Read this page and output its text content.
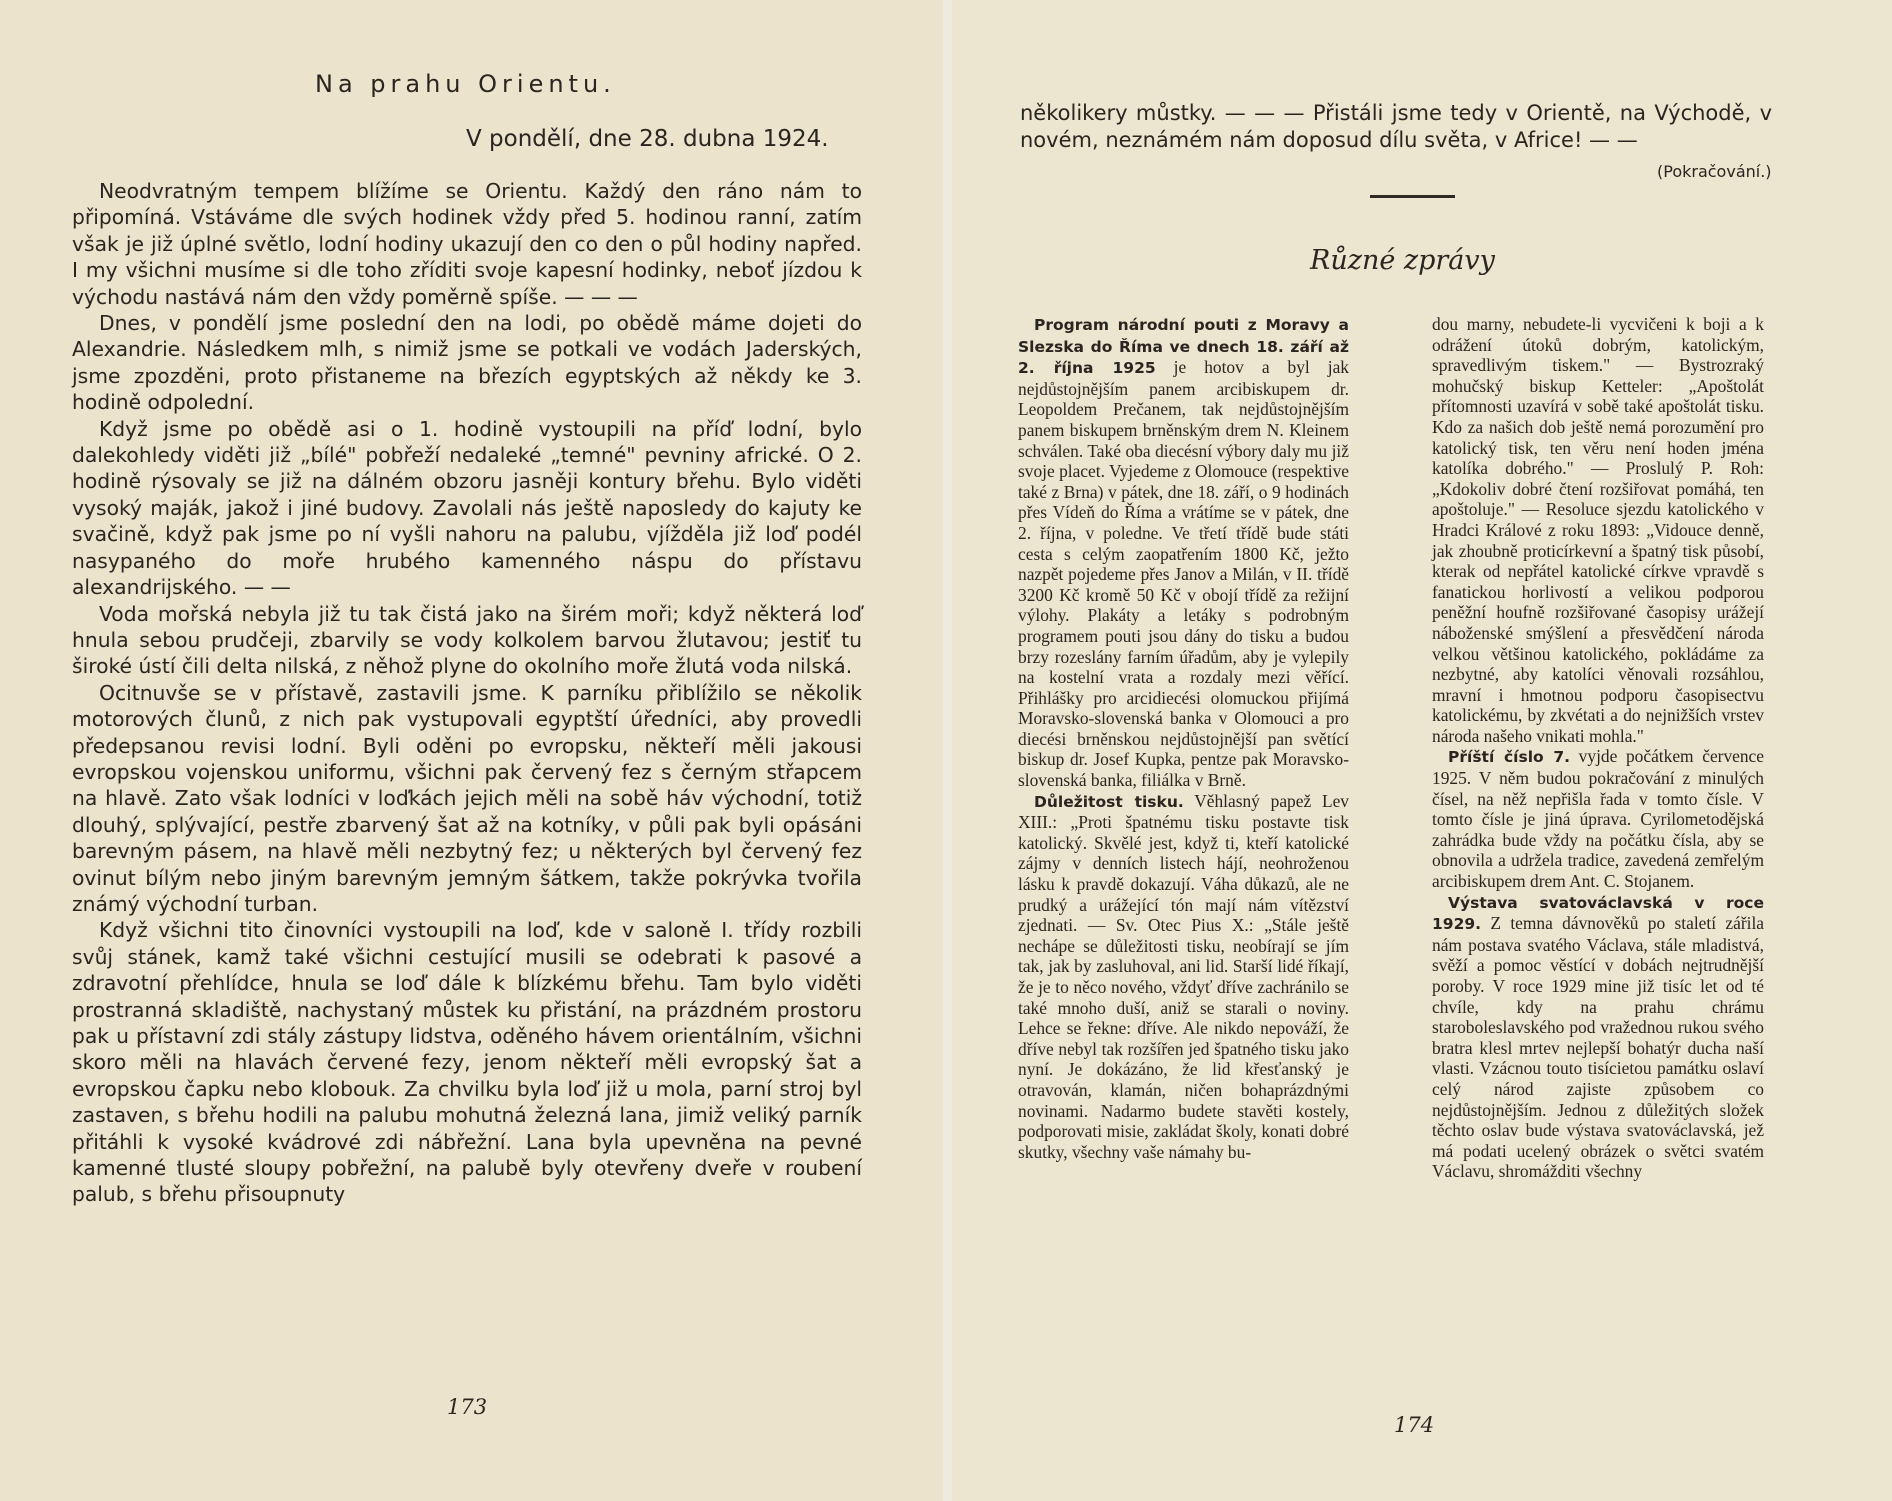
Na prahu Orientu.
V pondělí, dne 28. dubna 1924.

Neodvratným tempem blížíme se Orientu. Každý den ráno nám to připomíná. Vstáváme dle svých hodinek vždy před 5. hodinou ranní, zatím však je již úplné světlo, lodní hodiny ukazují den co den o půl hodiny napřed. I my všichni musíme si dle toho zříditi svoje kapesní hodinky, neboť jízdou k východu nastává nám den vždy poměrně spíše. — — —

Dnes, v pondělí jsme poslední den na lodi, po obědě máme dojeti do Alexandrie. Následkem mlh, s nimiž jsme se potkali ve vodách Jaderských, jsme zpozděni, proto přistaneme na březích egyptských až někdy ke 3. hodině odpolední.

Když jsme po obědě asi o 1. hodině vystoupili na příď lodní, bylo dalekohledy viděti již „bílé" pobřeží nedaleké „temné" pevniny africké. O 2. hodině rýsovaly se již na dálném obzoru jasněji kontury břehu. Bylo viděti vysoký maják, jakož i jiné budovy. Zavolali nás ještě naposledy do kajuty ke svačině, když pak jsme po ní vyšli nahoru na palubu, vjížděla již loď podél nasypaného do moře hrubého kamenného náspu do přístavu alexandrijského. — —

Voda mořská nebyla již tu tak čistá jako na širém moři; když některá loď hnula sebou prudčeji, zbarvily se vody kolkolem barvou žlutavou; jestiť tu široké ústí čili delta nilská, z něhož plyne do okolního moře žlutá voda nilská.

Ocitnuvše se v přístavě, zastavili jsme. K parníku přiblížilo se několik motorových člunů, z nich pak vystupovali egyptští úředníci, aby provedli předepsanou revisi lodní. Byli oděni po evropsku, někteří měli jakousi evropskou vojenskou uniformu, všichni pak červený fez s černým střapcem na hlavě. Zato však lodníci v loďkách jejich měli na sobě háv východní, totiž dlouhý, splývající, pestře zbarvený šat až na kotníky, v půli pak byli opásáni barevným pásem, na hlavě měli nezbytný fez; u některých byl červený fez ovinut bílým nebo jiným barevným jemným šátkem, takže pokrývka tvořila známý východní turban.

Když všichni tito činovníci vystoupili na loď, kde v saloně I. třídy rozbili svůj stánek, kamž také všichni cestující musili se odebrati k pasové a zdravotní přehlídce, hnula se loď dále k blízkému břehu. Tam bylo viděti prostranná skladiště, nachystaný můstek ku přistání, na prázdném prostoru pak u přístavní zdi stály zástupy lidstva, oděného hávem orientálním, všichni skoro měli na hlavách červené fezy, jenom někteří měli evropský šat a evropskou čapku nebo klobouk. Za chvilku byla loď již u mola, parní stroj byl zastaven, s břehu hodili na palubu mohutná železná lana, jimiž veliký parník přitáhli k vysoké kvádrové zdi nábřežní. Lana byla upevněna na pevné kamenné tlusté sloupy pobřežní, na palubě byly otevřeny dveře v roubení palub, s břehu přisoupnuty

173

několikery můstky. — — — Přistáli jsme tedy v Orientě, na Východě, v novém, neznámém nám doposud dílu světa, v Africe! — —

(Pokračování.)
Různé zprávy

Program národní pouti z Moravy a Slezska do Říma ve dnech 18. září až 2. října 1925 je hotov a byl jak nejdůstojnějším panem arcibiskupem dr. Leopoldem Prečanem, tak nejdůstojnějším panem biskupem brněnským drem N. Kleinem schválen. Také oba diecésní výbory daly mu již svoje placet. Vyjedeme z Olomouce (respektive také z Brna) v pátek, dne 18. září, o 9 hodinách přes Vídeň do Říma a vrátíme se v pátek, dne 2. října, v poledne. Ve třetí třídě bude státi cesta s celým zaopatřením 1800 Kč, ježto nazpět pojedeme přes Janov a Milán, v II. třídě 3200 Kč kromě 50 Kč v obojí třídě za režijní výlohy. Plakáty a letáky s podrobným programem pouti jsou dány do tisku a budou brzy rozeslány farním úřadům, aby je vylepily na kostelní vrata a rozdaly mezi věřící. Přihlášky pro arcidiecési olomuckou přijímá Moravsko-slovenská banka v Olomouci a pro diecési brněnskou nejdůstojnější pan světící biskup dr. Josef Kupka, pentze pak Moravsko-slovenská banka, filiálka v Brně.

Důležitost tisku. Věhlasný papež Lev XIII.: „Proti špatnému tisku postavte tisk katolický. Skvělé jest, když ti, kteří katolické zájmy v denních listech hájí, neohroženou lásku k pravdě dokazují. Váha důkazů, ale ne prudký a urážející tón mají nám vítězství zjednati. — Sv. Otec Pius X.: „Stále ještě nechápe se důležitosti tisku, neobírají se jím tak, jak by zasluhoval, ani lid. Starší lidé říkají, že je to něco nového, vždyť dříve zachránilo se také mnoho duší, aniž se starali o noviny. Lehce se řekne: dříve. Ale nikdo nepováží, že dříve nebyl tak rozšířen jed špatného tisku jako nyní. Je dokázáno, že lid křesťanský je otravován, klamán, ničen bohaprázdnými novinami. Nadarmo budete stavěti kostely, podporovati misie, zakládat školy, konati dobré skutky, všechny vaše námahy bu-

dou marny, nebudete-li vycvičeni k boji a k odrážení útoků dobrým, katolickým, spravedlivým tiskem." — Bystrozraký mohučský biskup Ketteler: „Apoštolát přítomnosti uzavírá v sobě také apoštolát tisku. Kdo za našich dob ještě nemá porozumění pro katolický tisk, ten věru není hoden jména katolíka dobrého." — Proslulý P. Roh: „Kdokoliv dobré čtení rozšiřovat pomáhá, ten apoštoluje." — Resoluce sjezdu katolického v Hradci Králové z roku 1893: „Vidouce denně, jak zhoubně proticírkevní a špatný tisk působí, kterak od nepřátel katolické církve vpravdě s fanatickou horlivostí a velikou podporou peněžní houfně rozšiřované časopisy urážejí náboženské smýšlení a přesvědčení národa velkou většinou katolického, pokládáme za nezbytné, aby katolíci věnovali rozsáhlou, mravní i hmotnou podporu časopisectvu katolickému, by zkvétati a do nejnižších vrstev národa našeho vnikati mohla."

Příští číslo 7. vyjde počátkem července 1925. V něm budou pokračování z minulých čísel, na něž nepřišla řada v tomto čísle. V tomto čísle je jiná úprava. Cyrilometodějská zahrádka bude vždy na počátku čísla, aby se obnovila a udržela tradice, zavedená zemřelým arcibiskupem drem Ant. C. Stojanem.

Výstava svatováclavská v roce 1929. Z temna dávnověků po staletí zářila nám postava svatého Václava, stále mladistvá, svěží a pomoc věstící v dobách nejtrudnější poroby. V roce 1929 mine již tisíc let od té chvíle, kdy na prahu chrámu staroboleslavského pod vražednou rukou svého bratra klesl mrtev nejlepší bohatýr ducha naší vlasti. Vzácnou touto tisícietou památku oslaví celý národ zajiste způsobem co nejdůstojnějším. Jednou z důležitých složek těchto oslav bude výstava svatováclavská, jež má podati ucelený obrázek o světci svatém Václavu, shromážditi všechny

174
